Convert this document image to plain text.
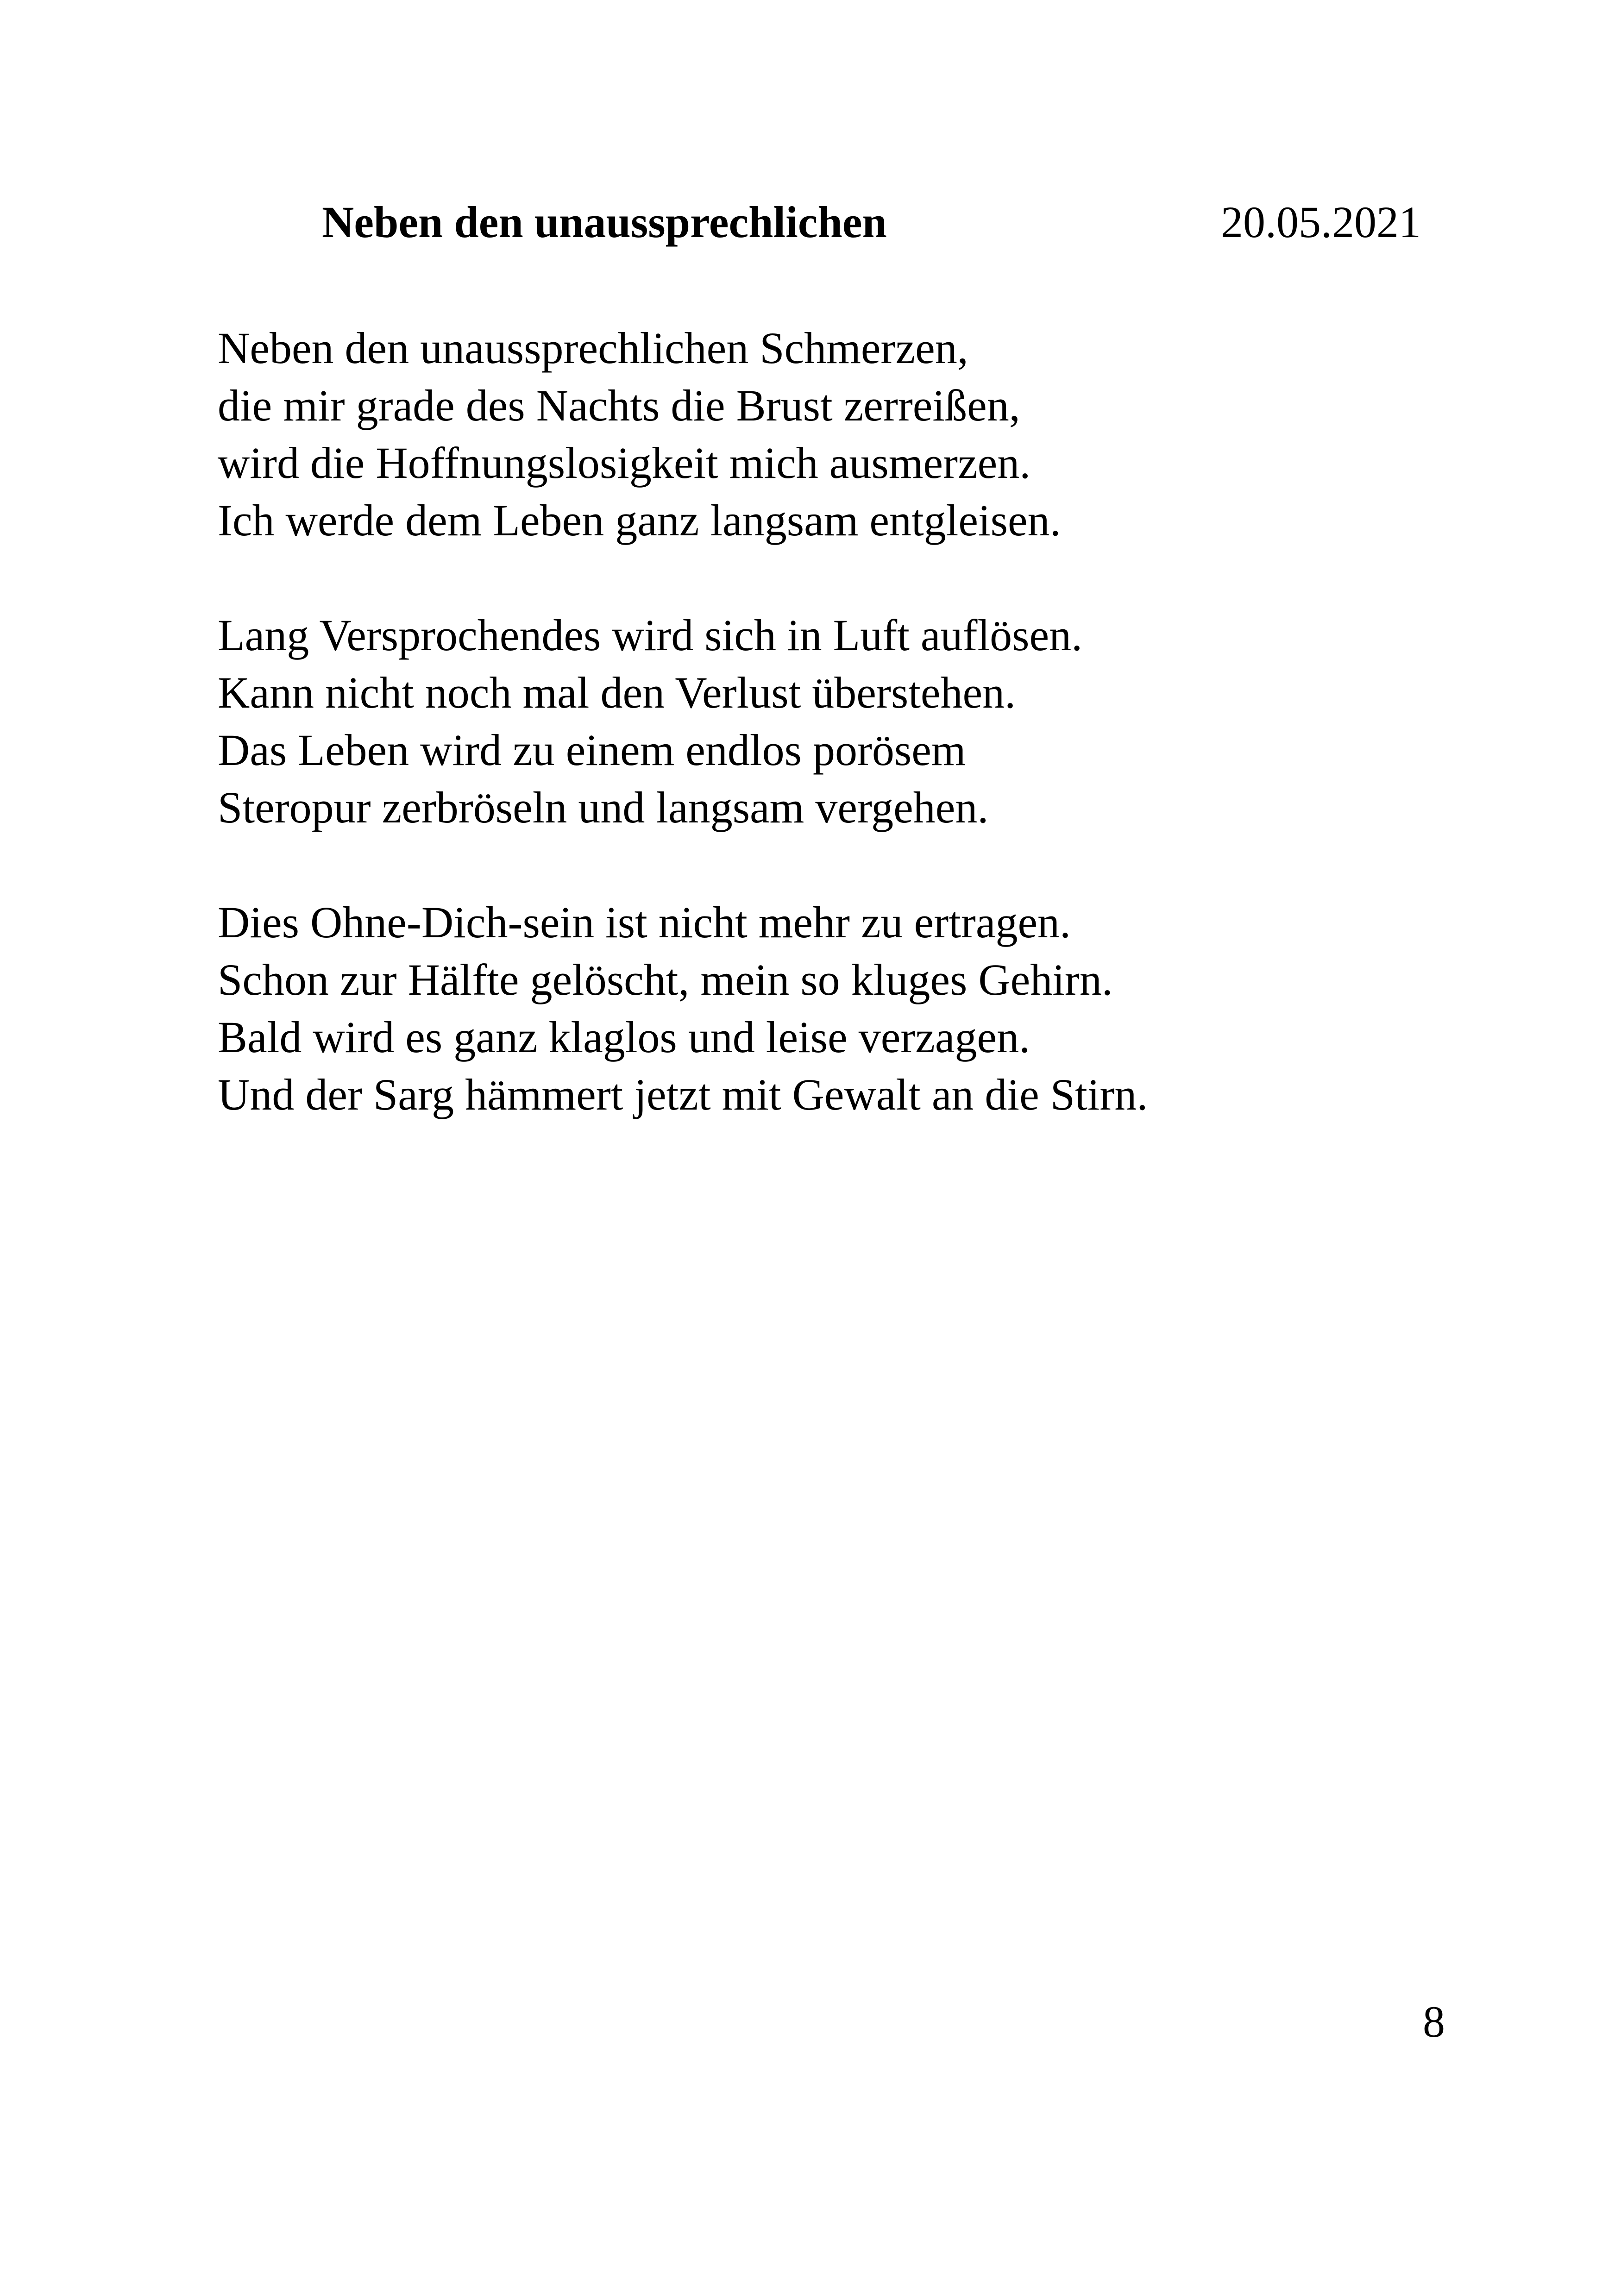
Neben den unaussprechlichen	20.05.2021
Neben den unaussprechlichen Schmerzen,
die mir grade des Nachts die Brust zerreißen,
wird die Hoffnungslosigkeit mich ausmerzen.
Ich werde dem Leben ganz langsam entgleisen.
Lang Versprochendes wird sich in Luft auflösen.
Kann nicht noch mal den Verlust überstehen.
Das Leben wird zu einem endlos porösem
Steropur zerbröseln und langsam vergehen.
Dies Ohne-Dich-sein ist nicht mehr zu ertragen.
Schon zur Hälfte gelöscht, mein so kluges Gehirn.
Bald wird es ganz klaglos und leise verzagen.
Und der Sarg hämmert jetzt mit Gewalt an die Stirn.
8
